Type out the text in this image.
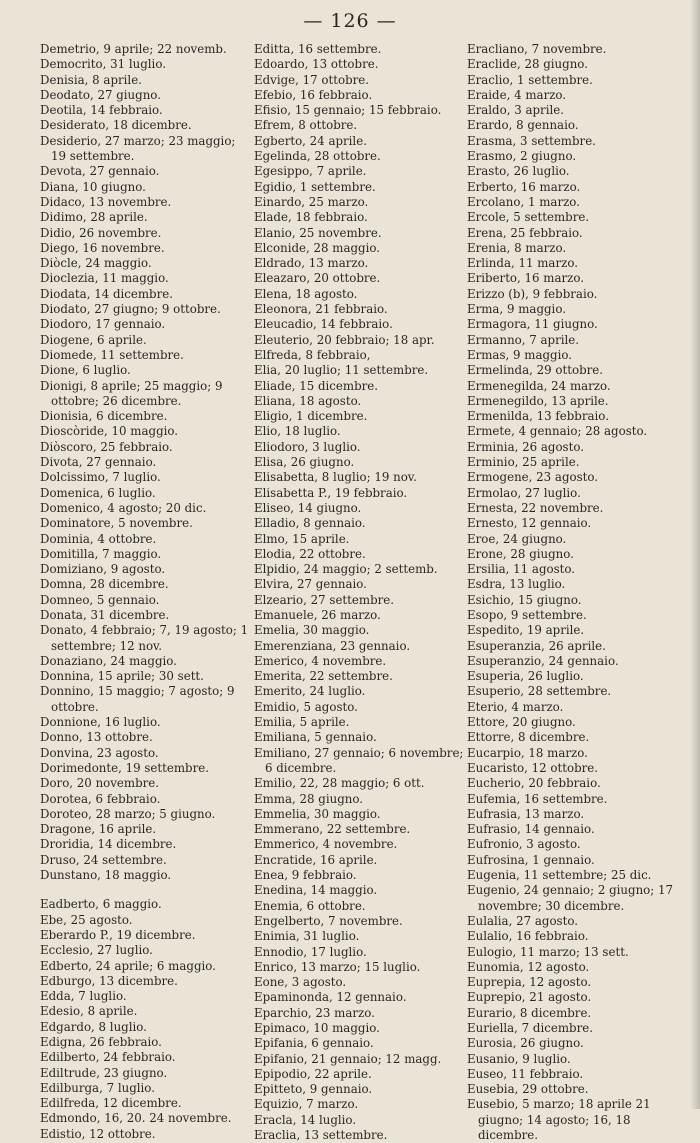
— 126 —
Demetrio, 9 aprile; 22 novemb.
Democrito, 31 luglio.
Denisia, 8 aprile.
Deodato, 27 giugno.
Deotila, 14 febbraio.
Desiderato, 18 dicembre.
Desiderio, 27 marzo; 23 maggio; 19 settembre.
Devota, 27 gennaio.
Diana, 10 giugno.
Didaco, 13 novembre.
Didimo, 28 aprile.
Didio, 26 novembre.
Diego, 16 novembre.
Diòcle, 24 maggio.
Dioclezia, 11 maggio.
Diodata, 14 dicembre.
Diodato, 27 giugno; 9 ottobre.
Diodoro, 17 gennaio.
Diogene, 6 aprile.
Diomede, 11 settembre.
Dione, 6 luglio.
Dionigi, 8 aprile; 25 maggio; 9 ottobre; 26 dicembre.
Dionisia, 6 dicembre.
Dioscòride, 10 maggio.
Diòscoro, 25 febbraio.
Divota, 27 gennaio.
Dolcissimo, 7 luglio.
Domenica, 6 luglio.
Domenico, 4 agosto; 20 dic.
Dominatore, 5 novembre.
Dominia, 4 ottobre.
Domitilla, 7 maggio.
Domiziano, 9 agosto.
Domna, 28 dicembre.
Domneo, 5 gennaio.
Donata, 31 dicembre.
Donato, 4 febbraio; 7, 19 agosto; 1 settembre; 12 nov.
Donaziano, 24 maggio.
Donnina, 15 aprile; 30 sett.
Donnino, 15 maggio; 7 agosto; 9 ottobre.
Donnione, 16 luglio.
Donno, 13 ottobre.
Donvina, 23 agosto.
Dorimedonte, 19 settembre.
Doro, 20 novembre.
Dorotea, 6 febbraio.
Doroteo, 28 marzo; 5 giugno.
Dragone, 16 aprile.
Droridia, 14 dicembre.
Druso, 24 settembre.
Dunstano, 18 maggio.
Eadberto, 6 maggio.
Ebe, 25 agosto.
Eberardo P., 19 dicembre.
Ecclesio, 27 luglio.
Edberto, 24 aprile; 6 maggio.
Edburgo, 13 dicembre.
Edda, 7 luglio.
Edesio, 8 aprile.
Edgardo, 8 luglio.
Edigna, 26 febbraio.
Edilberto, 24 febbraio.
Ediltrude, 23 giugno.
Edilburga, 7 luglio.
Edilfreda, 12 dicembre.
Edmondo, 16, 20. 24 novembre.
Edistio, 12 ottobre.
Editta, 16 settembre.
Edoardo, 13 ottobre.
Edvige, 17 ottobre.
Efebio, 16 febbraio.
Efisio, 15 gennaio; 15 febbraio.
Efrem, 8 ottobre.
Egberto, 24 aprile.
Egelinda, 28 ottobre.
Egesippo, 7 aprile.
Egidio, 1 settembre.
Einardo, 25 marzo.
Elade, 18 febbraio.
Elanio, 25 novembre.
Elconide, 28 maggio.
Eldrado, 13 marzo.
Eleazaro, 20 ottobre.
Elena, 18 agosto.
Eleonora, 21 febbraio.
Eleucadio, 14 febbraio.
Eleuterio, 20 febbraio; 18 apr.
Elfreda, 8 febbraio,
Elia, 20 luglio; 11 settembre.
Eliade, 15 dicembre.
Eliana, 18 agosto.
Eligio, 1 dicembre.
Elio, 18 luglio.
Eliodoro, 3 luglio.
Elisa, 26 giugno.
Elisabetta, 8 luglio; 19 nov.
Elisabetta P., 19 febbraio.
Eliseo, 14 giugno.
Elladio, 8 gennaio.
Elmo, 15 aprile.
Elodia, 22 ottobre.
Elpidio, 24 maggio; 2 settemb.
Elvira, 27 gennaio.
Elzeario, 27 settembre.
Emanuele, 26 marzo.
Emelia, 30 maggio.
Emerenziana, 23 gennaio.
Emerico, 4 novembre.
Emerita, 22 settembre.
Emerito, 24 luglio.
Emidio, 5 agosto.
Emilia, 5 aprile.
Emiliana, 5 gennaio.
Emiliano, 27 gennaio; 6 novembre; 6 dicembre.
Emilio, 22, 28 maggio; 6 ott.
Emma, 28 giugno.
Emmelia, 30 maggio.
Emmerano, 22 settembre.
Emmerico, 4 novembre.
Encratide, 16 aprile.
Enea, 9 febbraio.
Enedina, 14 maggio.
Enemia, 6 ottobre.
Engelberto, 7 novembre.
Enimia, 31 luglio.
Ennodio, 17 luglio.
Enrico, 13 marzo; 15 luglio.
Eone, 3 agosto.
Epaminonda, 12 gennaio.
Eparchio, 23 marzo.
Epimaco, 10 maggio.
Epifania, 6 gennaio.
Epifanio, 21 gennaio; 12 magg.
Epipodio, 22 aprile.
Epitteto, 9 gennaio.
Equizio, 7 marzo.
Eracla, 14 luglio.
Eraclia, 13 settembre.
Eracliano, 7 novembre.
Eraclide, 28 giugno.
Eraclio, 1 settembre.
Eraide, 4 marzo.
Eraldo, 3 aprile.
Erardo, 8 gennaio.
Erasma, 3 settembre.
Erasmo, 2 giugno.
Erasto, 26 luglio.
Erberto, 16 marzo.
Ercolano, 1 marzo.
Ercole, 5 settembre.
Erena, 25 febbraio.
Erenia, 8 marzo.
Erlinda, 11 marzo.
Eriberto, 16 marzo.
Erizzo (b), 9 febbraio.
Erma, 9 maggio.
Ermagora, 11 giugno.
Ermanno, 7 aprile.
Ermas, 9 maggio.
Ermelinda, 29 ottobre.
Ermenegilda, 24 marzo.
Ermenegildo, 13 aprile.
Ermenilda, 13 febbraio.
Ermete, 4 gennaio; 28 agosto.
Erminia, 26 agosto.
Erminio, 25 aprile.
Ermogene, 23 agosto.
Ermolao, 27 luglio.
Ernesta, 22 novembre.
Ernesto, 12 gennaio.
Eroe, 24 giugno.
Erone, 28 giugno.
Ersilia, 11 agosto.
Esdra, 13 luglio.
Esichio, 15 giugno.
Esopo, 9 settembre.
Espedito, 19 aprile.
Esuperanzia, 26 aprile.
Esuperanzio, 24 gennaio.
Esuperia, 26 luglio.
Esuperio, 28 settembre.
Eterio, 4 marzo.
Ettore, 20 giugno.
Ettorre, 8 dicembre.
Eucarpio, 18 marzo.
Eucaristo, 12 ottobre.
Eucherio, 20 febbraio.
Eufemia, 16 settembre.
Eufrasia, 13 marzo.
Eufrasio, 14 gennaio.
Eufronio, 3 agosto.
Eufrosina, 1 gennaio.
Eugenia, 11 settembre; 25 dic.
Eugenio, 24 gennaio; 2 giugno; 17 novembre; 30 dicembre.
Eulalia, 27 agosto.
Eulalio, 16 febbraio.
Eulogio, 11 marzo; 13 sett.
Eunomia, 12 agosto.
Euprepia, 12 agosto.
Euprepio, 21 agosto.
Eurario, 8 dicembre.
Euriella, 7 dicembre.
Eurosia, 26 giugno.
Eusanio, 9 luglio.
Euseo, 11 febbraio.
Eusebia, 29 ottobre.
Eusebio, 5 marzo; 18 aprile 21 giugno; 14 agosto; 16, 18 dicembre.
